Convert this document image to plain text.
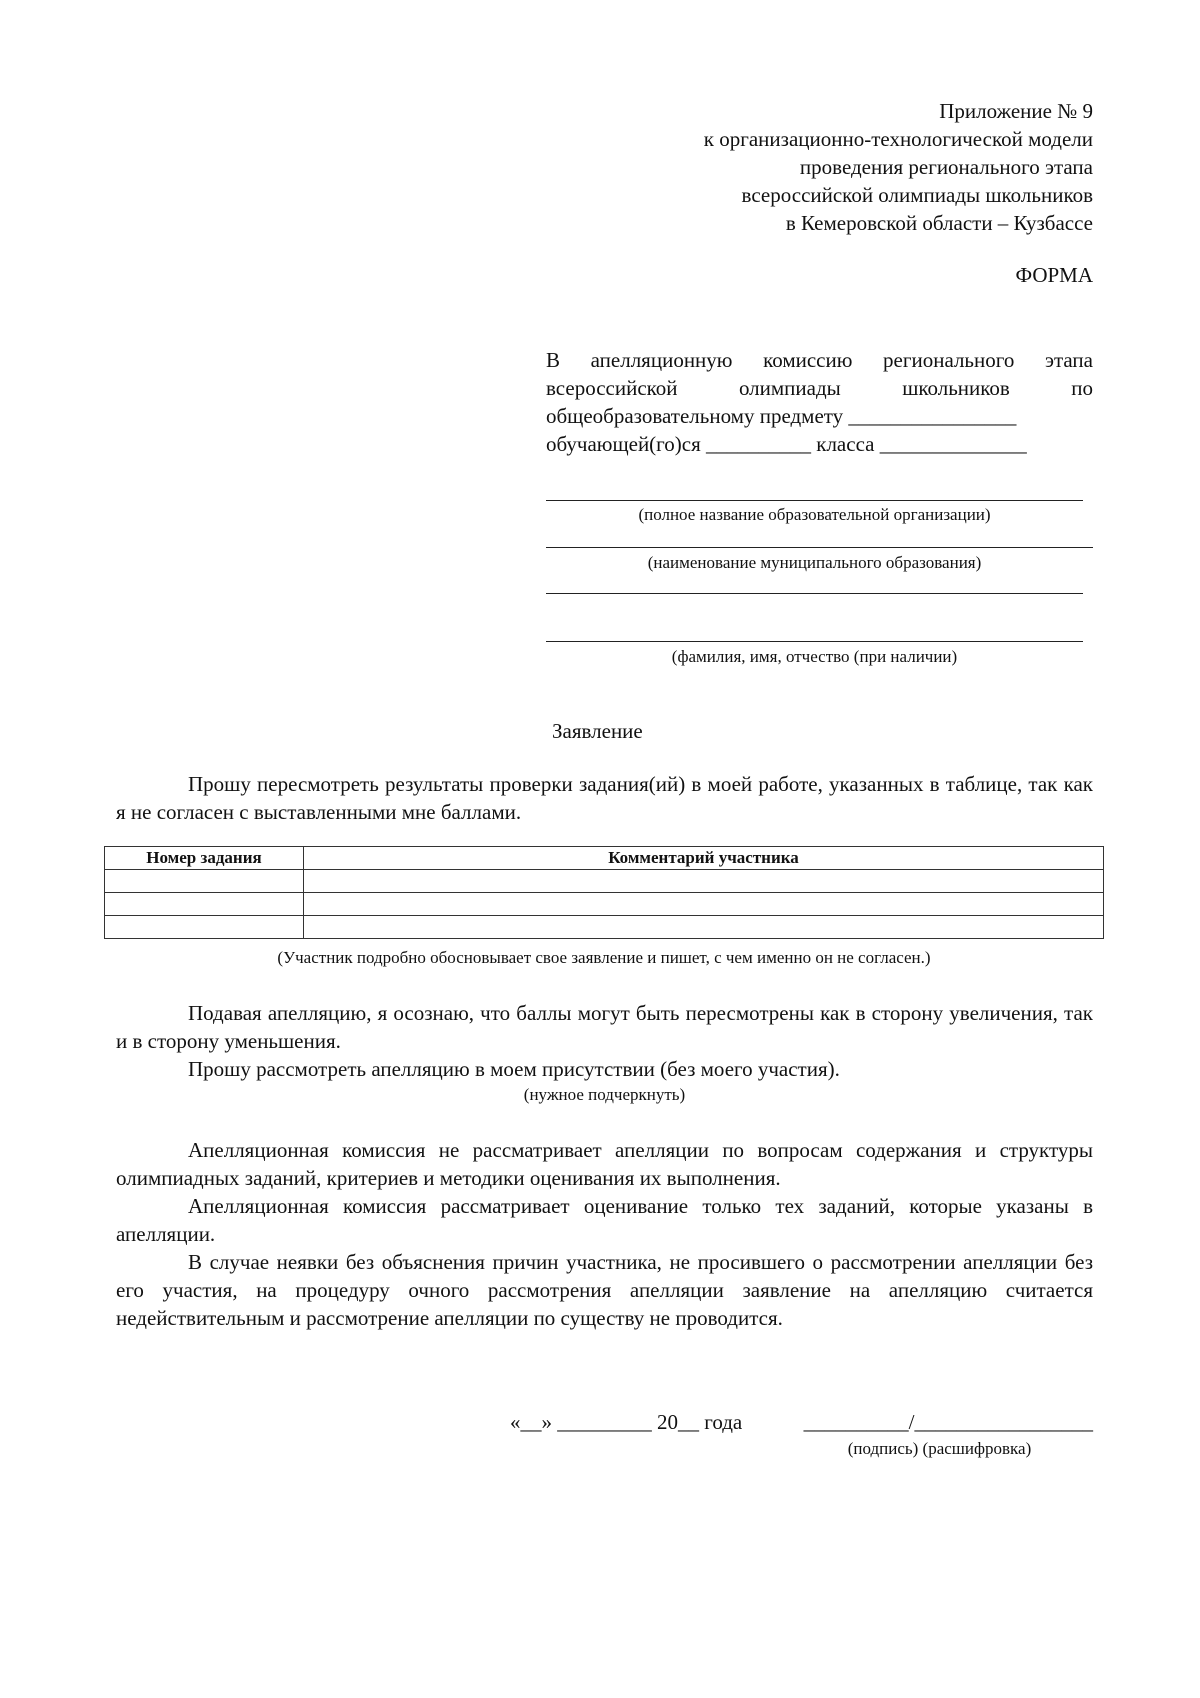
Приложение № 9
к организационно-технологической модели
проведения регионального этапа
всероссийской олимпиады школьников
в Кемеровской области – Кузбассе
ФОРМА
В апелляционную комиссию регионального этапа
всероссийской	олимпиады	школьников	по
общеобразовательному предмету ________________
обучающей(го)ся __________ класса ______________
(полное название образовательной организации)
(наименование муниципального образования)
(фамилия, имя, отчество (при наличии)
Заявление
Прошу пересмотреть результаты проверки задания(ий) в моей работе, указанных в таблице, так как я не согласен с выставленными мне баллами.
Номер задания	Комментарий участника

(Участник подробно обосновывает свое заявление и пишет, с чем именно он не согласен.)
Подавая апелляцию, я осознаю, что баллы могут быть пересмотрены как в сторону увеличения, так и в сторону уменьшения.
Прошу рассмотреть апелляцию в моем присутствии (без моего участия).
(нужное подчеркнуть)
Апелляционная комиссия не рассматривает апелляции по вопросам содержания и структуры олимпиадных заданий, критериев и методики оценивания их выполнения.
Апелляционная комиссия рассматривает оценивание только тех заданий, которые указаны в апелляции.
В случае неявки без объяснения причин участника, не просившего о рассмотрении апелляции без его участия, на процедуру очного рассмотрения апелляции заявление на апелляцию считается недействительным и рассмотрение апелляции по существу не проводится.
«__» _________ 20__ года	__________/_________________
(подпись) (расшифровка)
